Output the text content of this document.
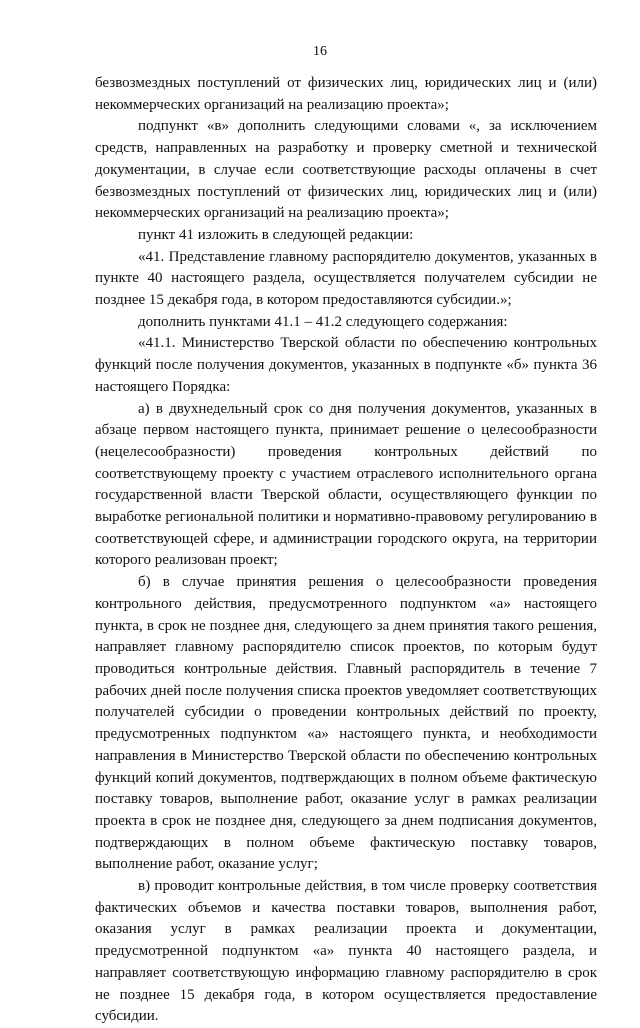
16

безвозмездных поступлений от физических лиц, юридических лиц и (или) некоммерческих организаций на реализацию проекта»;

подпункт «в» дополнить следующими словами «, за исключением средств, направленных на разработку и проверку сметной и технической документации, в случае если соответствующие расходы оплачены в счет безвозмездных поступлений от физических лиц, юридических лиц и (или) некоммерческих организаций на реализацию проекта»;

пункт 41 изложить в следующей редакции:

«41. Представление главному распорядителю документов, указанных в пункте 40 настоящего раздела, осуществляется получателем субсидии не позднее 15 декабря года, в котором предоставляются субсидии.»;

дополнить пунктами 41.1 – 41.2 следующего содержания:

«41.1. Министерство Тверской области по обеспечению контрольных функций после получения документов, указанных в подпункте «б» пункта 36 настоящего Порядка:

а) в двухнедельный срок со дня получения документов, указанных в абзаце первом настоящего пункта, принимает решение о целесообразности (нецелесообразности) проведения контрольных действий по соответствующему проекту с участием отраслевого исполнительного органа государственной власти Тверской области, осуществляющего функции по выработке региональной политики и нормативно-правовому регулированию в соответствующей сфере, и администрации городского округа, на территории которого реализован проект;

б) в случае принятия решения о целесообразности проведения контрольного действия, предусмотренного подпунктом «а» настоящего пункта, в срок не позднее дня, следующего за днем принятия такого решения, направляет главному распорядителю список проектов, по которым будут проводиться контрольные действия. Главный распорядитель в течение 7 рабочих дней после получения списка проектов уведомляет соответствующих получателей субсидии о проведении контрольных действий по проекту, предусмотренных подпунктом «а» настоящего пункта, и необходимости направления в Министерство Тверской области по обеспечению контрольных функций копий документов, подтверждающих в полном объеме фактическую поставку товаров, выполнение работ, оказание услуг в рамках реализации проекта в срок не позднее дня, следующего за днем подписания документов, подтверждающих в полном объеме фактическую поставку товаров, выполнение работ, оказание услуг;

в) проводит контрольные действия, в том числе проверку соответствия фактических объемов и качества поставки товаров, выполнения работ, оказания услуг в рамках реализации проекта и документации, предусмотренной подпунктом «а» пункта 40 настоящего раздела, и направляет соответствующую информацию главному распорядителю в срок не позднее 15 декабря года, в котором осуществляется предоставление субсидии.
